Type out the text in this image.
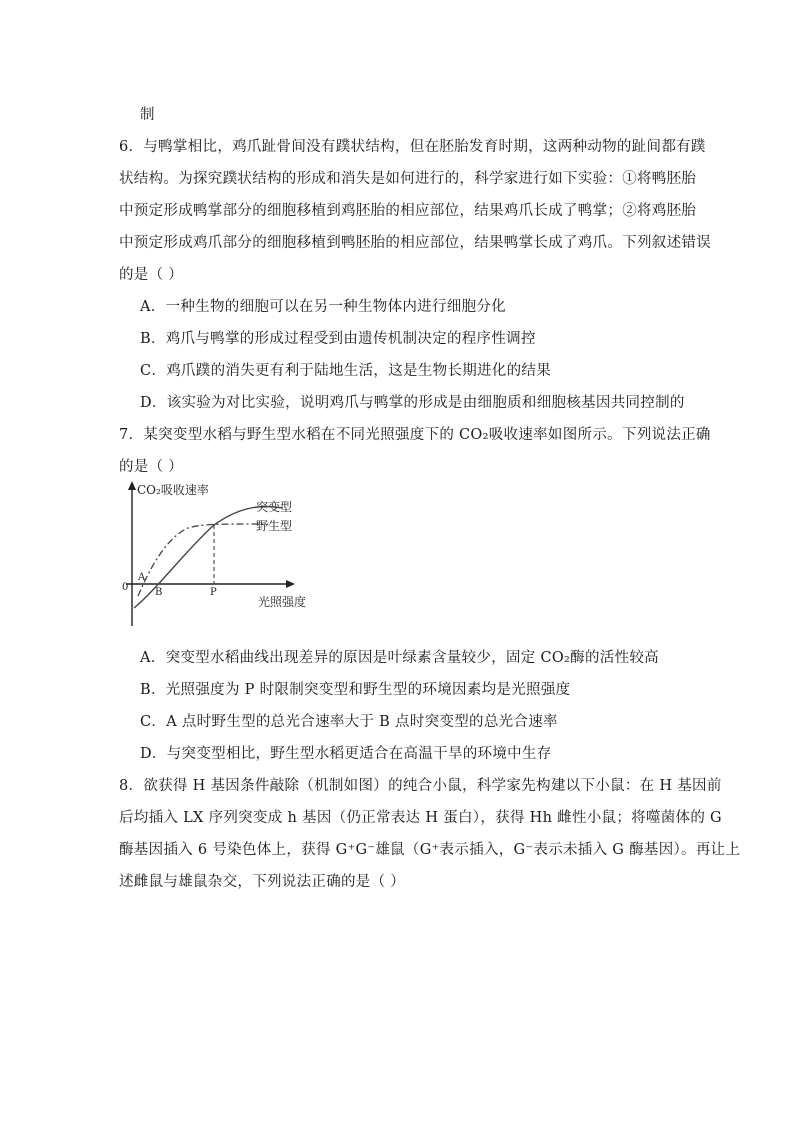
制
6．与鸭掌相比，鸡爪趾骨间没有蹼状结构，但在胚胎发育时期，这两种动物的趾间都有蹼
状结构。为探究蹼状结构的形成和消失是如何进行的，科学家进行如下实验：①将鸭胚胎
中预定形成鸭掌部分的细胞移植到鸡胚胎的相应部位，结果鸡爪长成了鸭掌；②将鸡胚胎
中预定形成鸡爪部分的细胞移植到鸭胚胎的相应部位，结果鸭掌长成了鸡爪。下列叙述错误
的是（ ）
A．一种生物的细胞可以在另一种生物体内进行细胞分化
B．鸡爪与鸭掌的形成过程受到由遗传机制决定的程序性调控
C．鸡爪蹼的消失更有利于陆地生活，这是生物长期进化的结果
D．该实验为对比实验，说明鸡爪与鸭掌的形成是由细胞质和细胞核基因共同控制的
7．某突变型水稻与野生型水稻在不同光照强度下的 CO₂吸收速率如图所示。下列说法正确
的是（ ）
CO₂吸收速率
光照强度
0
突变型
野生型
A
B	P
A．突变型水稻曲线出现差异的原因是叶绿素含量较少，固定 CO₂酶的活性较高
B．光照强度为 P 时限制突变型和野生型的环境因素均是光照强度
C．A 点时野生型的总光合速率大于 B 点时突变型的总光合速率
D．与突变型相比，野生型水稻更适合在高温干旱的环境中生存
8．欲获得 H 基因条件敲除（机制如图）的纯合小鼠，科学家先构建以下小鼠：在 H 基因前
后均插入 LX 序列突变成 h 基因（仍正常表达 H 蛋白），获得 Hh 雌性小鼠；将噬菌体的 G
酶基因插入 6 号染色体上，获得 G⁺G⁻雄鼠（G⁺表示插入，G⁻表示未插入 G 酶基因）。再让上
述雌鼠与雄鼠杂交，下列说法正确的是（ ）
